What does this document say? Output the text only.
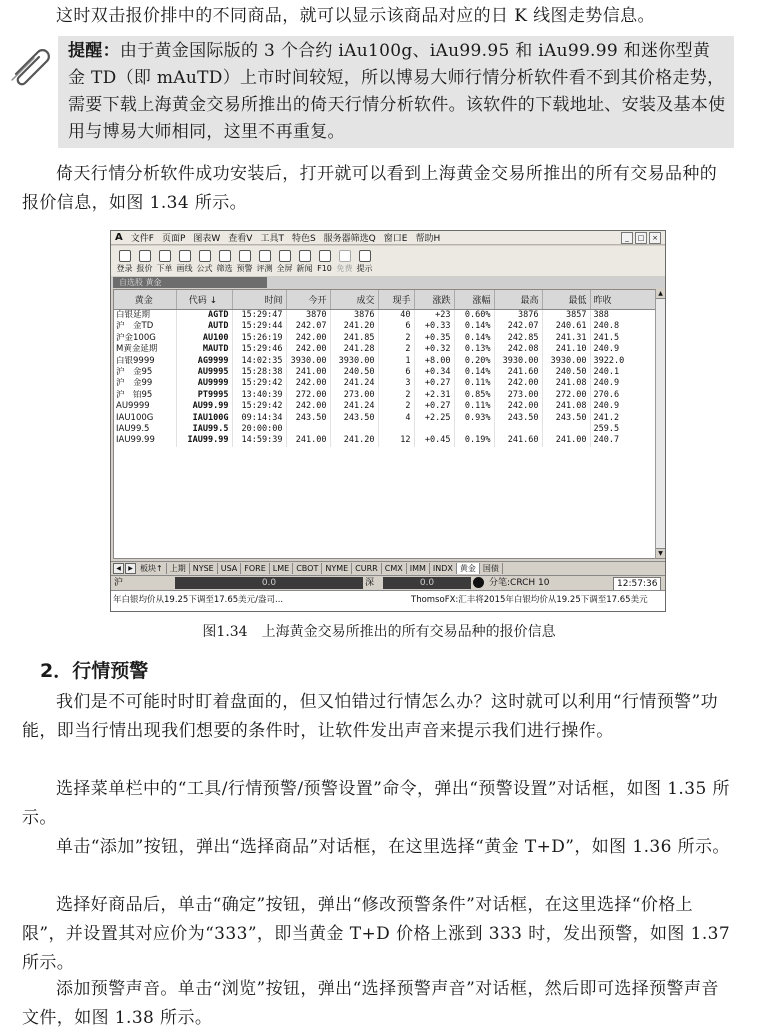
这时双击报价排中的不同商品，就可以显示该商品对应的日 K 线图走势信息。

提醒：由于黄金国际版的 3 个合约 iAu100g、iAu99.95 和 iAu99.99 和迷你型黄金 TD（即 mAuTD）上市时间较短，所以博易大师行情分析软件看不到其价格走势，需要下载上海黄金交易所推出的倚天行情分析软件。该软件的下载地址、安装及基本使用与博易大师相同，这里不再重复。

倚天行情分析软件成功安装后，打开就可以看到上海黄金交易所推出的所有交易品种的报价信息，如图 1.34 所示。

A 文件F 页面P 图表W 查看V 工具T 特色S 服务器筛选Q 窗口E 帮助H	_	□	×
登录 报价 下单 画线 公式 筛选 预警 评测 全屏 新闻 F10 免费 提示
自选股 黄金
黄金	代码 ↓	时间	今开	成交	现手	涨跌	涨幅	最高	最低	昨收
白银延期	AGTD	15:29:47	3870	3876	40	+23	0.60%	3876	3857	388
沪　金TD	AUTD	15:29:44	242.07	241.20	6	+0.33	0.14%	242.07	240.61	240.8
沪金100G	AU100	15:26:19	242.00	241.85	2	+0.35	0.14%	242.85	241.31	241.5
M黄金延期	MAUTD	15:29:46	242.00	241.28	2	+0.32	0.13%	242.08	241.10	240.9
白银9999	AG9999	14:02:35	3930.00	3930.00	1	+8.00	0.20%	3930.00	3930.00	3922.0
沪　金95	AU9995	15:28:38	241.00	240.50	6	+0.34	0.14%	241.60	240.50	240.1
沪　金99	AU9999	15:29:42	242.00	241.24	3	+0.27	0.11%	242.00	241.08	240.9
沪　铂95	PT9995	13:40:39	272.00	273.00	2	+2.31	0.85%	273.00	272.00	270.6
AU9999	AU99.99	15:29:42	242.00	241.24	2	+0.27	0.11%	242.00	241.08	240.9
IAU100G	IAU100G	09:14:34	243.50	243.50	4	+2.25	0.93%	243.50	243.50	241.2
IAU99.5	IAU99.5	20:00:00								259.5
IAU99.99	IAU99.99	14:59:39	241.00	241.20	12	+0.45	0.19%	241.60	241.00	240.7
▲
▼
◀	▶ 板块↑ 上期 NYSE USA FORE LME CBOT NYME CURR CMX IMM INDX 黄金 国债
沪	0.0	深	0.0	分笔:CRCH 10	12:57:36
年白银均价从19.25下调至17.65美元/盎司...	ThomsoFX:汇丰将2015年白银均价从19.25下调至17.65美元
图1.34　上海黄金交易所推出的所有交易品种的报价信息
2．行情预警

我们是不可能时时盯着盘面的，但又怕错过行情怎么办？这时就可以利用“行情预警”功能，即当行情出现我们想要的条件时，让软件发出声音来提示我们进行操作。

选择菜单栏中的“工具/行情预警/预警设置”命令，弹出“预警设置”对话框，如图 1.35 所示。

单击“添加”按钮，弹出“选择商品”对话框，在这里选择“黄金 T+D”，如图 1.36 所示。

选择好商品后，单击“确定”按钮，弹出“修改预警条件”对话框，在这里选择“价格上限”，并设置其对应价为“333”，即当黄金 T+D 价格上涨到 333 时，发出预警，如图 1.37 所示。

添加预警声音。单击“浏览”按钮，弹出“选择预警声音”对话框，然后即可选择预警声音文件，如图 1.38 所示。
